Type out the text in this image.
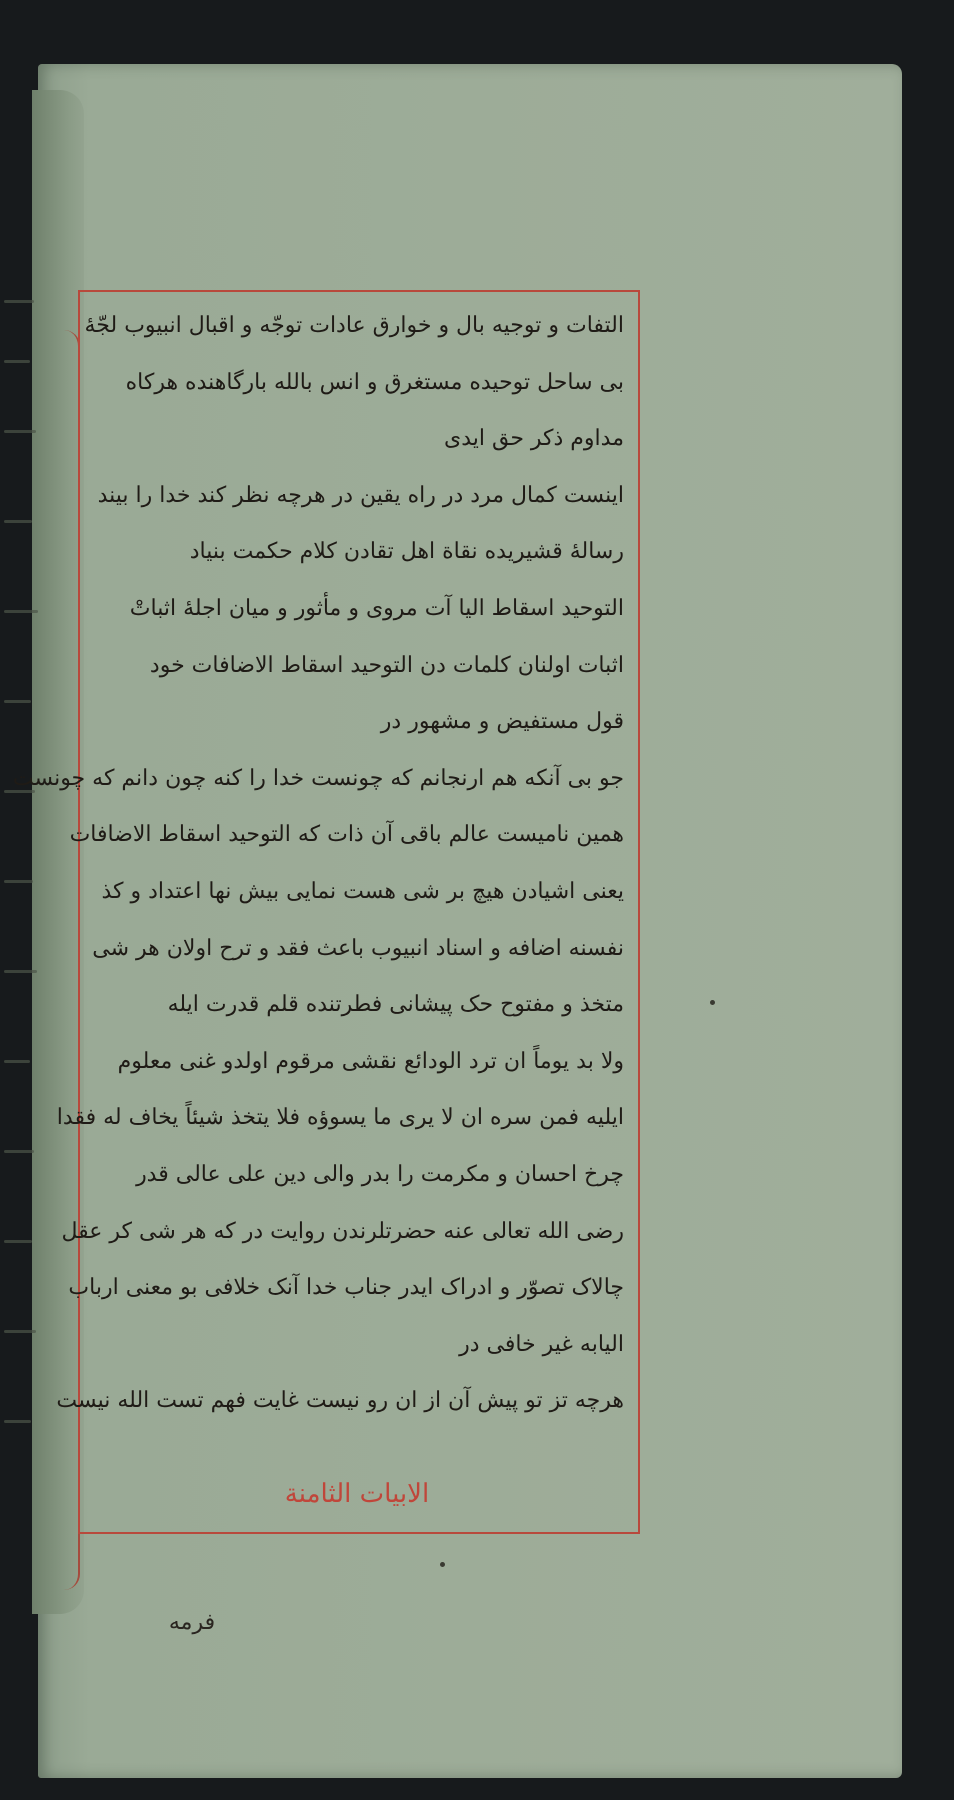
التفات و توجيه بال و خوارق عادات توجّه و اقبال انبيوب لجّهٔ
بی ساحل توحیده مستغرق و انس بالله بارگاهنده هرکاه
مداوم ذکر حق ایدی
اینست کمال مرد در راه یقین در هرچه نظر کند خدا را بیند
رسالهٔ قشیریده نقاة اهل تقادن کلام حکمت بنیاد
التوحید اسقاط الیا آت مروی و مأثور و میان اجلهٔ اثباتْ
اثبات اولنان کلمات دن التوحید اسقاط الاضافات خود
قول مستفیض و مشهور در
جو بی آنکه هم ارنجانم که چونست خدا را کنه چون دانم که چونست
همین نامیست عالم باقی آن ذات که التوحید اسقاط الاضافات
یعنی اشیادن هیچ بر شی هست نمایی بیش نها اعتداد و کذ
نفسنه اضافه و اسناد انبیوب باعث فقد و ترح اولان هر شی
متخذ و مفتوح حک پیشانی فطرتنده قلم قدرت ایله
ولا بد یوماً ان ترد الودائع نقشی مرقوم اولدو غنی معلوم
ایلیه فمن سره ان لا یری ما یسوؤه فلا یتخذ شیئاً یخاف له فقدا
چرخ احسان و مکرمت را بدر والی دین علی عالی قدر
رضی الله تعالی عنه حضرتلرندن روایت در که هر شی کر عقل
چالاک تصوّر و ادراک ایدر جناب خدا آنک خلافی بو معنی ارباب
الیابه غیر خافی در
هرچه تز تو پیش آن از ان رو نیست غایت فهم تست الله نیست
الابیات الثامنة
فرمه
